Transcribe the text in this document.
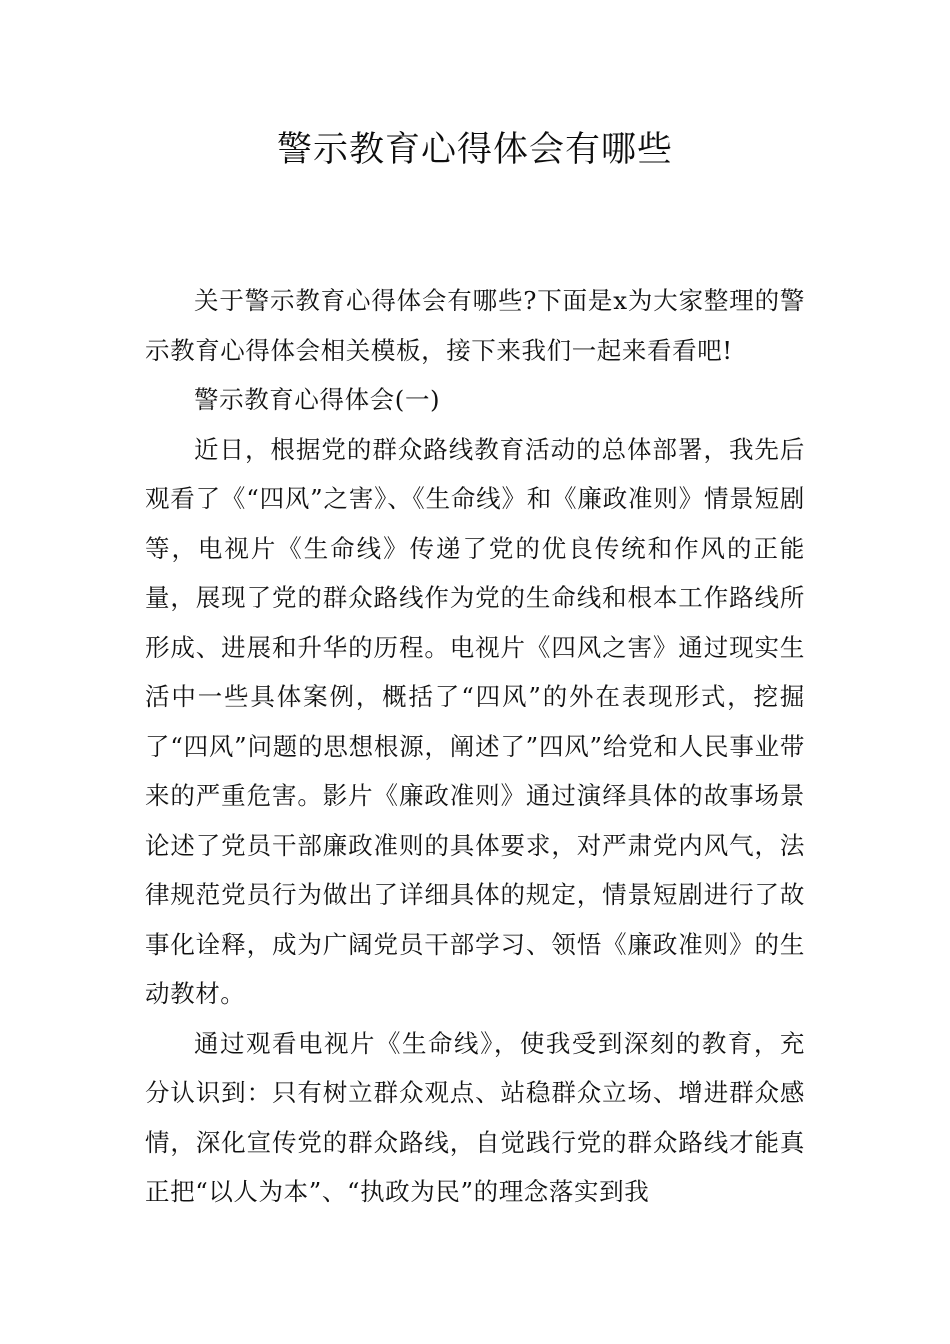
警示教育心得体会有哪些

关于警示教育心得体会有哪些?下面是x为大家整理的警示教育心得体会相关模板，接下来我们一起来看看吧!

警示教育心得体会(一)

近日，根据党的群众路线教育活动的总体部署，我先后观看了《“四风”之害》、《生命线》和《廉政准则》情景短剧等，电视片《生命线》传递了党的优良传统和作风的正能量，展现了党的群众路线作为党的生命线和根本工作路线所形成、进展和升华的历程。电视片《四风之害》通过现实生活中一些具体案例，概括了“四风”的外在表现形式，挖掘了“四风”问题的思想根源，阐述了”四风”给党和人民事业带来的严重危害。影片《廉政准则》通过演绎具体的故事场景论述了党员干部廉政准则的具体要求，对严肃党内风气，法律规范党员行为做出了详细具体的规定，情景短剧进行了故事化诠释，成为广阔党员干部学习、领悟《廉政准则》的生动教材。

通过观看电视片《生命线》，使我受到深刻的教育，充分认识到：只有树立群众观点、站稳群众立场、增进群众感情，深化宣传党的群众路线，自觉践行党的群众路线才能真正把“以人为本”、“执政为民”的理念落实到我
